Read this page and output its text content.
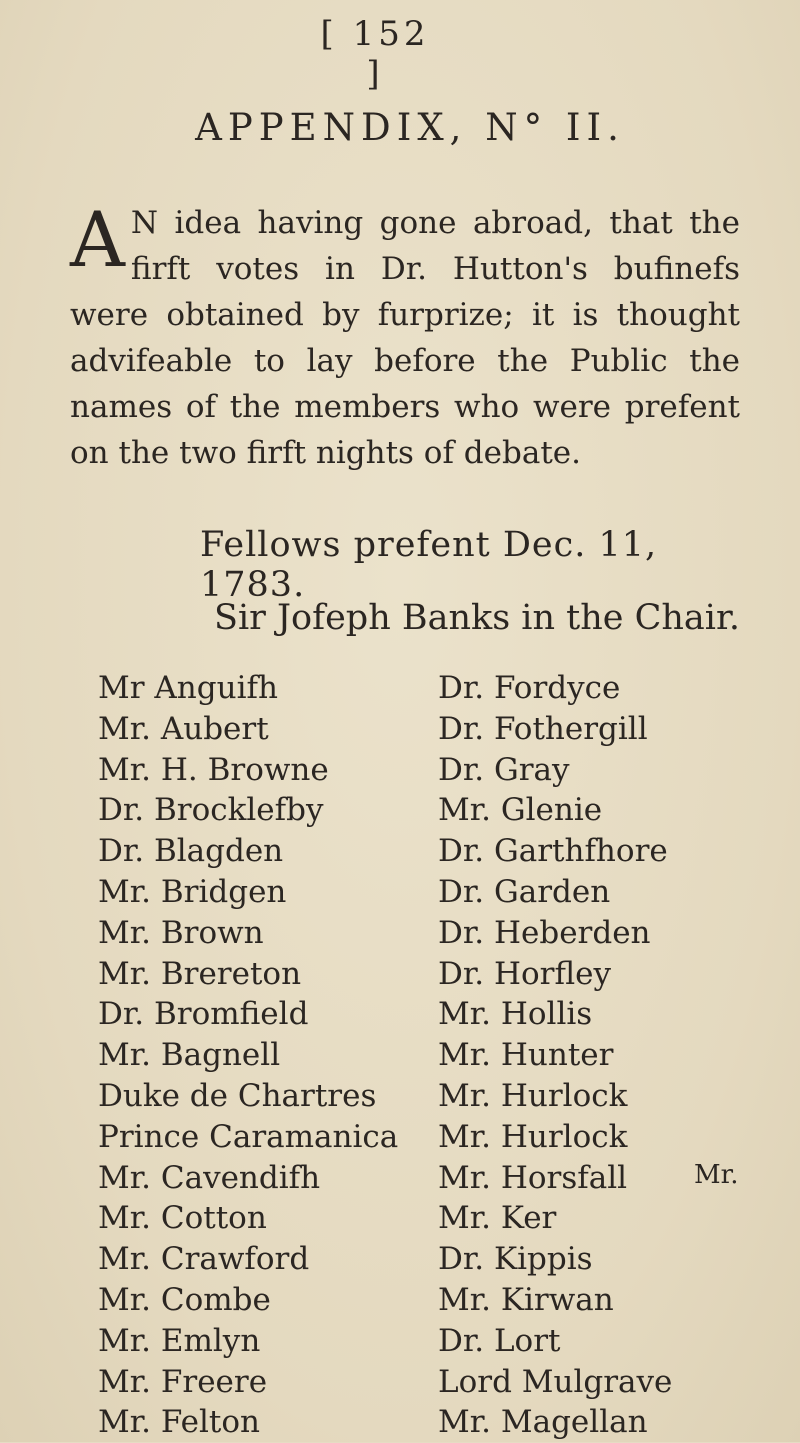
[ 152 ]
APPENDIX, N° II.
A N idea having gone abroad, that the firft votes in Dr. Hutton's bufinefs were obtained by furprize; it is thought advifeable to lay before the Public the names of the members who were prefent on the two firft nights of debate.

Fellows prefent Dec. 11, 1783.
Sir Jofeph Banks in the Chair.
Mr Anguifh
Mr. Aubert
Mr. H. Browne
Dr. Brocklefby
Dr. Blagden
Mr. Bridgen
Mr. Brown
Mr. Brereton
Dr. Bromfield
Mr. Bagnell
Duke de Chartres
Prince Caramanica
Mr. Cavendifh
Mr. Cotton
Mr. Crawford
Mr. Combe
Mr. Emlyn
Mr. Freere
Mr. Felton
Dr. Fordyce
Dr. Fothergill
Dr. Gray
Mr. Glenie
Dr. Garthfhore
Dr. Garden
Dr. Heberden
Dr. Horfley
Mr. Hollis
Mr. Hunter
Mr. Hurlock
Mr. Hurlock
Mr. Horsfall
Mr. Ker
Dr. Kippis
Mr. Kirwan
Dr. Lort
Lord Mulgrave
Mr. Magellan
Mr.
